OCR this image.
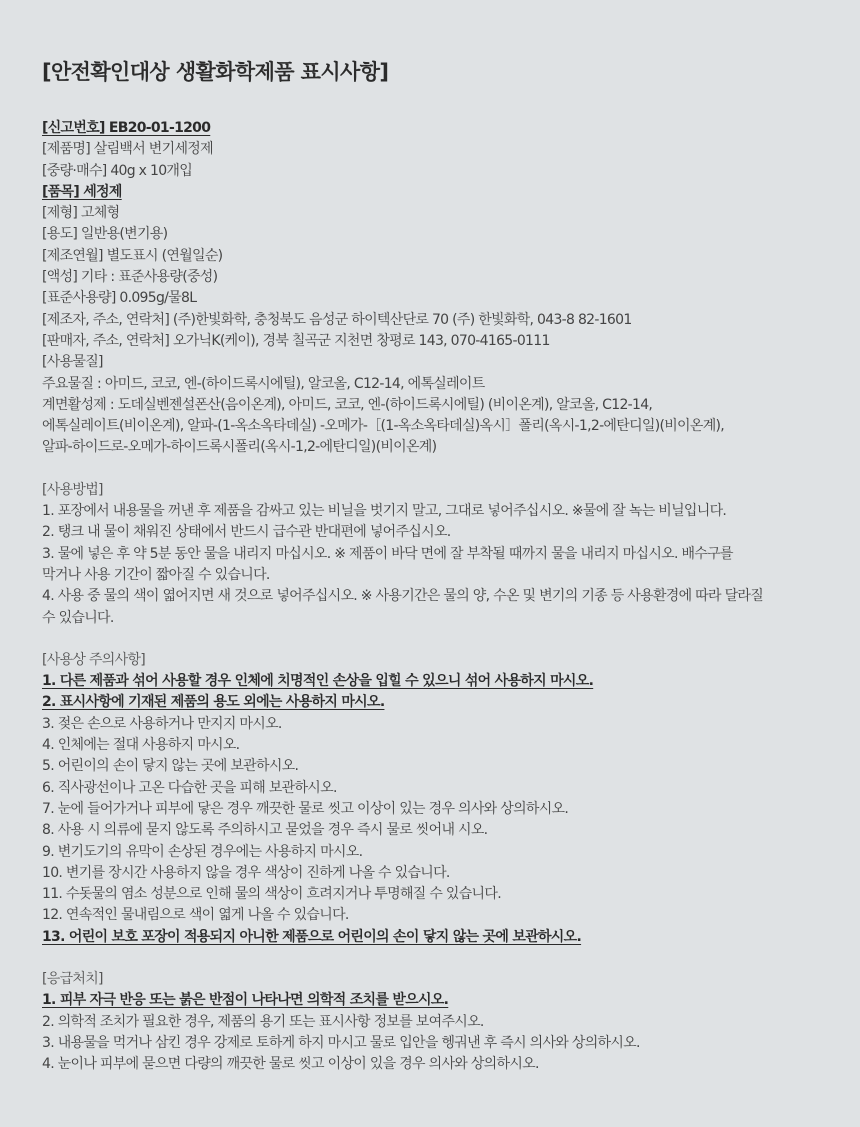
[안전확인대상 생활화학제품 표시사항]
[신고번호] EB20-01-1200
[제품명] 살림백서 변기세정제
[중량·매수] 40g x 10개입
[품목] 세정제
[제형] 고체형
[용도] 일반용(변기용)
[제조연월] 별도표시 (연월일순)
[액성] 기타 : 표준사용량(중성)
[표준사용량] 0.095g/물8L
[제조자, 주소, 연락처] (주)한빛화학, 충청북도 음성군 하이텍산단로 70 (주) 한빛화학, 043-8 82-1601
[판매자, 주소, 연락처] 오가닉K(케이), 경북 칠곡군 지천면 창평로 143, 070-4165-0111
[사용물질]
주요물질 : 아미드, 코코, 엔-(하이드록시에틸), 알코올, C12-14, 에톡실레이트
계면활성제 : 도데실벤젠설폰산(음이온계), 아미드, 코코, 엔-(하이드록시에틸) (비이온계), 알코올, C12-14,
에톡실레이트(비이온계), 알파-(1-옥소옥타데실) -오메가-［(1-옥소옥타데실)옥시］폴리(옥시-1,2-에탄디일)(비이온계),
알파-하이드로-오메가-하이드록시폴리(옥시-1,2-에탄디일)(비이온계)
[사용방법]
1. 포장에서 내용물을 꺼낸 후 제품을 감싸고 있는 비닐을 벗기지 말고, 그대로 넣어주십시오. ※물에 잘 녹는 비닐입니다.
2. 탱크 내 물이 채워진 상태에서 반드시 급수관 반대편에 넣어주십시오.
3. 물에 넣은 후 약 5분 동안 물을 내리지 마십시오. ※ 제품이 바닥 면에 잘 부착될 때까지 물을 내리지 마십시오. 배수구를
막거나 사용 기간이 짧아질 수 있습니다.
4. 사용 중 물의 색이 엷어지면 새 것으로 넣어주십시오. ※ 사용기간은 물의 양, 수온 및 변기의 기종 등 사용환경에 따라 달라질
수 있습니다.
[사용상 주의사항]
1. 다른 제품과 섞어 사용할 경우 인체에 치명적인 손상을 입힐 수 있으니 섞어 사용하지 마시오.
2. 표시사항에 기재된 제품의 용도 외에는 사용하지 마시오.
3. 젖은 손으로 사용하거나 만지지 마시오.
4. 인체에는 절대 사용하지 마시오.
5. 어린이의 손이 닿지 않는 곳에 보관하시오.
6. 직사광선이나 고온 다습한 곳을 피해 보관하시오.
7. 눈에 들어가거나 피부에 닿은 경우 깨끗한 물로 씻고 이상이 있는 경우 의사와 상의하시오.
8. 사용 시 의류에 묻지 않도록 주의하시고 묻었을 경우 즉시 물로 씻어내 시오.
9. 변기도기의 유막이 손상된 경우에는 사용하지 마시오.
10. 변기를 장시간 사용하지 않을 경우 색상이 진하게 나올 수 있습니다.
11. 수돗물의 염소 성분으로 인해 물의 색상이 흐려지거나 투명해질 수 있습니다.
12. 연속적인 물내림으로 색이 엷게 나올 수 있습니다.
13. 어린이 보호 포장이 적용되지 아니한 제품으로 어린이의 손이 닿지 않는 곳에 보관하시오.
[응급처치]
1. 피부 자극 반응 또는 붉은 반점이 나타나면 의학적 조치를 받으시오.
2. 의학적 조치가 필요한 경우, 제품의 용기 또는 표시사항 정보를 보여주시오.
3. 내용물을 먹거나 삼킨 경우 강제로 토하게 하지 마시고 물로 입안을 헹궈낸 후 즉시 의사와 상의하시오.
4. 눈이나 피부에 묻으면 다량의 깨끗한 물로 씻고 이상이 있을 경우 의사와 상의하시오.
